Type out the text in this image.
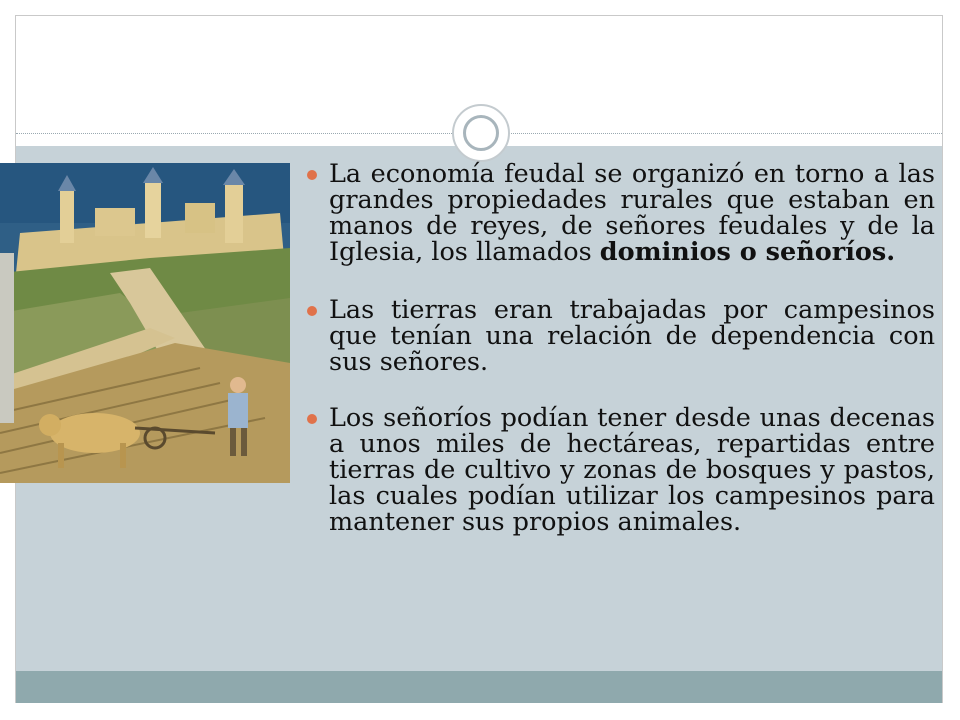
La economía feudal se organizó en torno a las grandes propiedades rurales que estaban en manos de reyes, de señores feudales y de la Iglesia, los llamados dominios o señoríos.
Las tierras eran trabajadas por campesinos que tenían una relación de dependencia con sus señores.
Los señoríos podían tener desde unas decenas a unos miles de hectáreas, repartidas entre tierras de cultivo y zonas de bosques y pastos, las cuales podían utilizar los campesinos para mantener sus propios animales.
